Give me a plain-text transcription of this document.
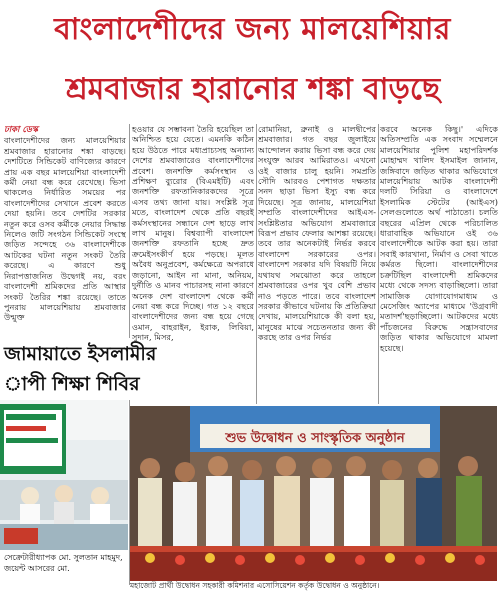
বাংলাদেশীদের জন্য মালয়েশিয়ার
শ্রমবাজার হারানোর শঙ্কা বাড়ছে
ঢাকা ডেস্ক

বাংলাদেশীদের জন্য মালয়েশিয়ার শ্রমবাজার হারানোর শঙ্কা বাড়ছে। দেশটিতে সিন্ডিকেট বাণিজ্যের কারণে প্রায় এক বছর মালয়েশিয়া বাংলাদেশী কর্মী নেয়া বন্ধ করে রেখেছে। ভিসা থাকলেও নির্ধারিত সময়ের পর বাংলাদেশীদের সেখানে প্রবেশ করতে দেয়া হয়নি। তবে দেশটির সরকার নতুন করে ওসব কর্মীকে নেয়ার সিদ্ধান্ত নিলেও জটি সংগঠন সিন্ডিকেট সংস্থে জড়িত সন্দেহে ৩৬ বাংলাদেশীকে আটকের ঘটনা নতুন সংকট তৈরি করেছে। এ কারণে শুধু নিরাপত্তাজনিত উদ্বেগই নয়, বরং বাংলাদেশী শ্রমিকদের প্রতি আস্থার সংকট তৈরির শঙ্কা রয়েছে। তাতে পুনরায় মালয়েশিয়ায় শ্রমবাজার উন্মুক্ত

হওয়ার যে সম্ভাবনা তৈরি হয়েছিল তা অনিশ্চিত হয়ে যেতে। এমনকি কঠিন হয়ে উঠতে পারে মধ্যপ্রাচ্যসহ অন্যান্য দেশের শ্রমবাজারেও বাংলাদেশীদের প্রবেশ। জনশক্তি কর্মসংস্থান ও প্রশিক্ষণ ব্যুরোর (বিএমইটি) এবং জনশক্তি রফতানিকারকদের সূত্রে এসব তথ্য জানা যায়। সংশ্লিষ্ট সূত্র মতে, বাংলাদেশ থেকে প্রতি বছরই কর্মসংস্থানের সন্ধানে দেশ ছাড়ে লাখ লাখ মানুষ। বিশ্বব্যাপী বাংলাদেশ জনশক্তি রফতানি হচ্ছে দ্রুত ক্রমেইসংকীর্ণ হয়ে পড়ছে। মূলত অবৈধ অনুপ্রবেশ, কর্মক্ষেত্রে অপরাধে জড়ানো, আইন না মানা, অনিয়ম, দুর্নীতি ও মানব পাচারসহ নানা কারণে অনেক দেশ বাংলাদেশ থেকে কর্মী নেয়া বন্ধ করে দিচ্ছে। গত ১২ বছরে বাংলাদেশীদের জন্য বন্ধ হয়ে গেছে ওমান, বাহরাইন, ইরাক, লিবিয়া, সুদান, মিসর,

রোমানিয়া, ব্রুনাই ও মালদ্বীপের শ্রমবাজার। গত বছর জুলাইয়ে আন্দোলন করায় ভিসা বন্ধ করে দেয় সংযুক্ত আরব আমিরাতও। এখনো ওই বাজার চালু হয়নি। সমপ্রতি সৌদি আরবও পেশাগত দক্ষতার সনদ ছাড়া ভিসা ইস্যু বন্ধ করে দিয়েছে। সূত্র জানায়, মালয়েশিয়া সম্প্রতি বাংলাদেশীদের আইএস-সংশ্লিষ্টতার অভিযোগ শ্রমবাজারে বিরূপ প্রভাব ফেলার আশঙ্কা রয়েছে। তবে তার অনেকটাই নির্ভর করবে বাংলাদেশ সরকারের ওপর। বাংলাদেশ সরকার যদি বিষয়টি নিয়ে যথাযথ সমঝোতা করে তাহলে শ্রমবাজারের ওপর খুব বেশি প্রভাব নাও পড়তে পারে। তবে বাংলাদেশ সরকার কীভাবে ঘটনায় কি প্রতিক্রিয়া দেখায়, মালয়েশিয়াকে কী বলা হয়, মানুষের মাঝে সচেতনতার জন্য কী করছে তার ওপর নির্ভর

করবে অনেক কিছু।' এদিকে অতিসম্প্রতি এক সংবাদ সম্মেলনে মালয়েশিয়ার পুলিশ মহাপরিদর্শক মোহাম্মদ খালিদ ইসমাইল জানান, জঙ্গিবাদে জড়িত থাকার অভিযোগে মালয়েশিয়ায় আটক বাংলাদেশী দলটি সিরিয়া ও বাংলাদেশে ইসলামিক স্টেটের (আইএস) সেলগুলোতে অর্থ পাঠাতো। চলতি বছরের এপ্রিল থেকে পরিচালিত ধারাবাহিক অভিযানে ওই ৩৬ বাংলাদেশীকে আটক করা হয়। তারা সবাই কারখানা, নির্মাণ ও সেবা খাতে কর্মরত ছিলো। বাংলাদেশীদের চক্রটিছিল বাংলাদেশী শ্রমিকদের মধ্যে থেকে সদস্য বাড়াচ্ছিলো। তারা সামাজিক যোগাযোগমাধ্যম ও মেসেজিং অ্যাপের মাধ্যমে 'উগ্রবাদী মতাদর্শ'ছড়াচ্ছিলো। আটকদের মধ্যে পাঁচজনের বিরুদ্ধে সন্ত্রাসবাদের জড়িত থাকার অভিযোগে মামলা হয়েছে।

জামায়াতে ইসলামীর
াপী শিক্ষা শিবির
সেক্রেটারীধ্যাপক মো. সুলতান মাহমুদ, জয়েন্ট আসরের মো.
শুভ উদ্বোধন ও সাংস্কৃতিক অনুষ্ঠান
মহাজোট প্রার্থী উদ্বোধন সহকারী কমিশনার এসোসিয়েশন কর্তৃক উদ্বোধন ও অনুষ্ঠানে।
